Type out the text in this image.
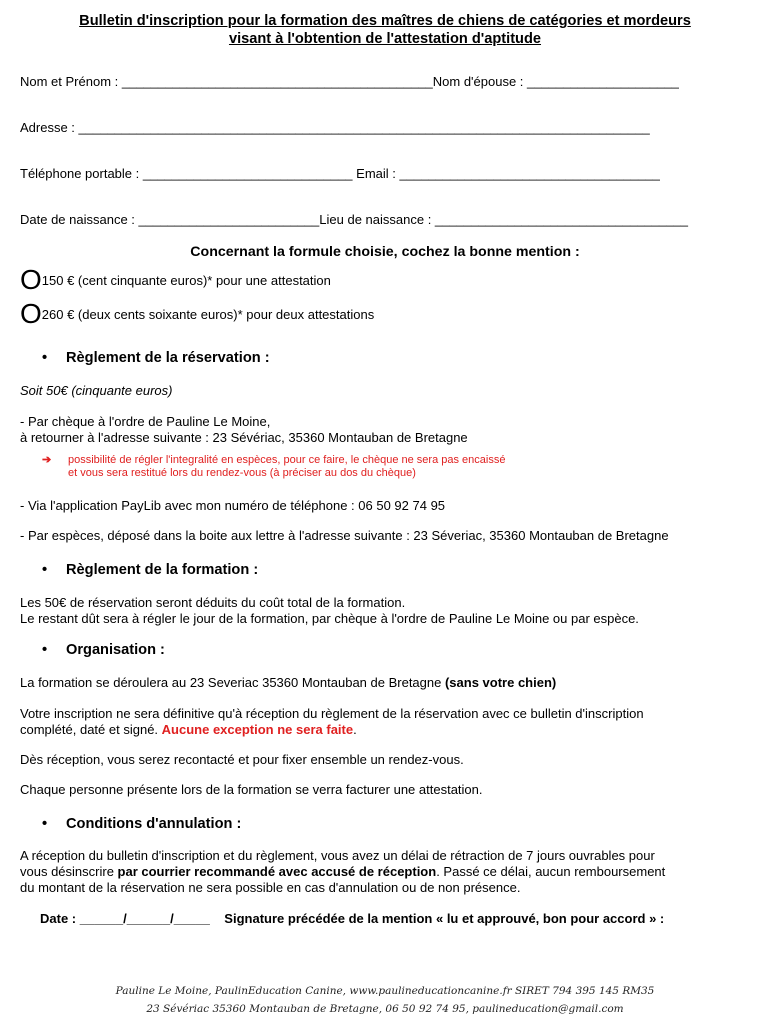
Bulletin d'inscription pour la formation des maîtres de chiens de catégories et mordeurs
visant à l'obtention de l'attestation d'aptitude
Nom et Prénom : ___________________________________________Nom d'épouse : _____________________
Adresse : _______________________________________________________________________________
Téléphone portable : _____________________________ Email : ____________________________________
Date de naissance : _________________________Lieu de naissance : ___________________________________
Concernant la formule choisie, cochez la bonne mention :
O150 € (cent cinquante euros)* pour une attestation
O260 € (deux cents soixante euros)* pour deux attestations
• Règlement de la réservation :
Soit 50€ (cinquante euros)
- Par chèque à l'ordre de Pauline Le Moine,
à retourner à l'adresse suivante : 23 Sévériac, 35360 Montauban de Bretagne
➔ possibilité de régler l'integralité en espèces, pour ce faire, le chèque ne sera pas encaissé
et vous sera restitué lors du rendez-vous (à préciser au dos du chèque)
- Via l'application PayLib avec mon numéro de téléphone : 06 50 92 74 95
- Par espèces, déposé dans la boite aux lettre à l'adresse suivante : 23 Séveriac, 35360 Montauban de Bretagne
• Règlement de la formation :
Les 50€ de réservation seront déduits du coût total de la formation.
Le restant dût sera à régler le jour de la formation, par chèque à l'ordre de Pauline Le Moine ou par espèce.
• Organisation :
La formation se déroulera au 23 Severiac 35360 Montauban de Bretagne (sans votre chien)
Votre inscription ne sera définitive qu'à réception du règlement de la réservation avec ce bulletin d'inscription
complété, daté et signé. Aucune exception ne sera faite.
Dès réception, vous serez recontacté et pour fixer ensemble un rendez-vous.
Chaque personne présente lors de la formation se verra facturer une attestation.
• Conditions d'annulation :
A réception du bulletin d'inscription et du règlement, vous avez un délai de rétraction de 7 jours ouvrables pour
vous désinscrire par courrier recommandé avec accusé de réception. Passé ce délai, aucun remboursement
du montant de la réservation ne sera possible en cas d'annulation ou de non présence.
Date : ______/______/_____    Signature précédée de la mention « lu et approuvé, bon pour accord » :
Pauline Le Moine, PaulinEducation Canine, www.paulineducationcanine.fr SIRET 794 395 145 RM35
23 Sévériac 35360 Montauban de Bretagne, 06 50 92 74 95, paulineducation@gmail.com
